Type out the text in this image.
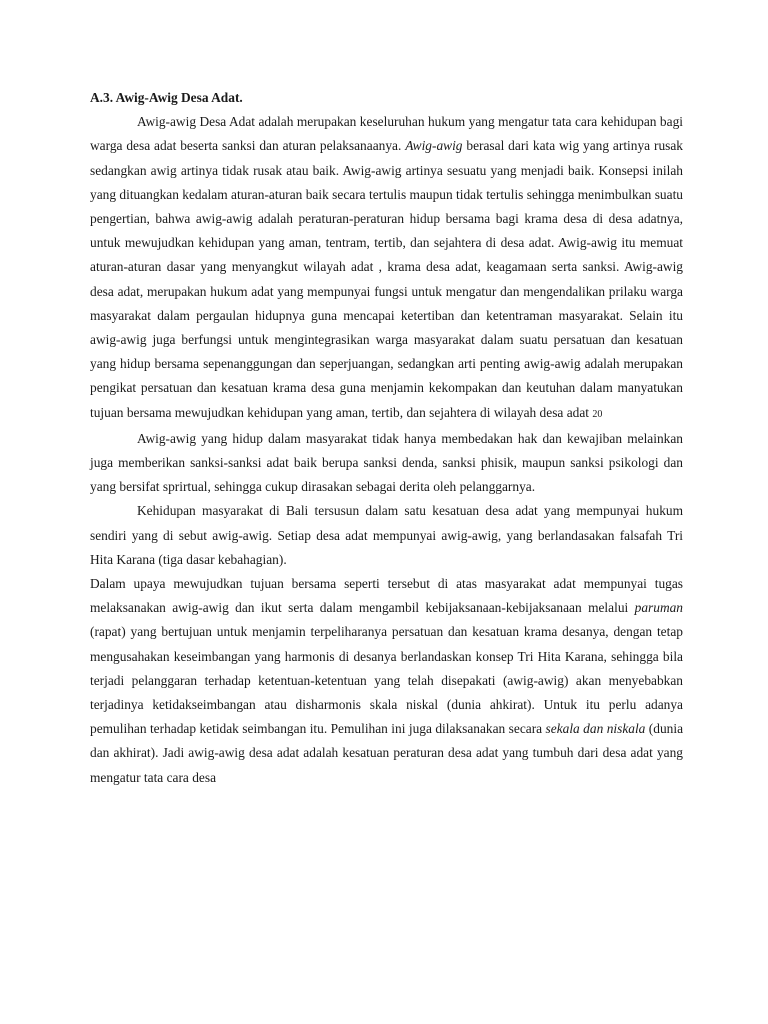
A.3. Awig-Awig Desa Adat.

Awig-awig Desa Adat adalah merupakan keseluruhan hukum yang mengatur tata cara kehidupan bagi warga desa adat beserta sanksi dan aturan pelaksanaanya. Awig-awig berasal dari kata wig yang artinya rusak sedangkan awig artinya tidak rusak atau baik. Awig-awig artinya sesuatu yang menjadi baik. Konsepsi inilah yang dituangkan kedalam aturan-aturan baik secara tertulis maupun tidak tertulis sehingga menimbulkan suatu pengertian, bahwa awig-awig adalah peraturan-peraturan hidup bersama bagi krama desa di desa adatnya, untuk mewujudkan kehidupan yang aman, tentram, tertib, dan sejahtera di desa adat. Awig-awig itu memuat aturan-aturan dasar yang menyangkut wilayah adat , krama desa adat, keagamaan serta sanksi. Awig-awig desa adat, merupakan hukum adat yang mempunyai fungsi untuk mengatur dan mengendalikan prilaku warga masyarakat dalam pergaulan hidupnya guna mencapai ketertiban dan ketentraman masyarakat. Selain itu awig-awig juga berfungsi untuk mengintegrasikan warga masyarakat dalam suatu persatuan dan kesatuan yang hidup bersama sepenanggungan dan seperjuangan, sedangkan arti penting awig-awig adalah merupakan pengikat persatuan dan kesatuan krama desa guna menjamin kekompakan dan keutuhan dalam manyatukan tujuan bersama mewujudkan kehidupan yang aman, tertib, dan sejahtera di wilayah desa adat 20

Awig-awig yang hidup dalam masyarakat tidak hanya membedakan hak dan kewajiban melainkan juga memberikan sanksi-sanksi adat baik berupa sanksi denda, sanksi phisik, maupun sanksi psikologi dan yang bersifat sprirtual, sehingga cukup dirasakan sebagai derita oleh pelanggarnya.

Kehidupan masyarakat di Bali tersusun dalam satu kesatuan desa adat yang mempunyai hukum sendiri yang di sebut awig-awig. Setiap desa adat mempunyai awig-awig, yang berlandasakan falsafah Tri Hita Karana (tiga dasar kebahagian).

Dalam upaya mewujudkan tujuan bersama seperti tersebut di atas masyarakat adat mempunyai tugas melaksanakan awig-awig dan ikut serta dalam mengambil kebijaksanaan-kebijaksanaan melalui paruman (rapat) yang bertujuan untuk menjamin terpeliharanya persatuan dan kesatuan krama desanya, dengan tetap mengusahakan keseimbangan yang harmonis di desanya berlandaskan konsep Tri Hita Karana, sehingga bila terjadi pelanggaran terhadap ketentuan-ketentuan yang telah disepakati (awig-awig) akan menyebabkan terjadinya ketidakseimbangan atau disharmonis skala niskal (dunia ahkirat). Untuk itu perlu adanya pemulihan terhadap ketidak seimbangan itu. Pemulihan ini juga dilaksanakan secara sekala dan niskala (dunia dan akhirat). Jadi awig-awig desa adat adalah kesatuan peraturan desa adat yang tumbuh dari desa adat yang mengatur tata cara desa
